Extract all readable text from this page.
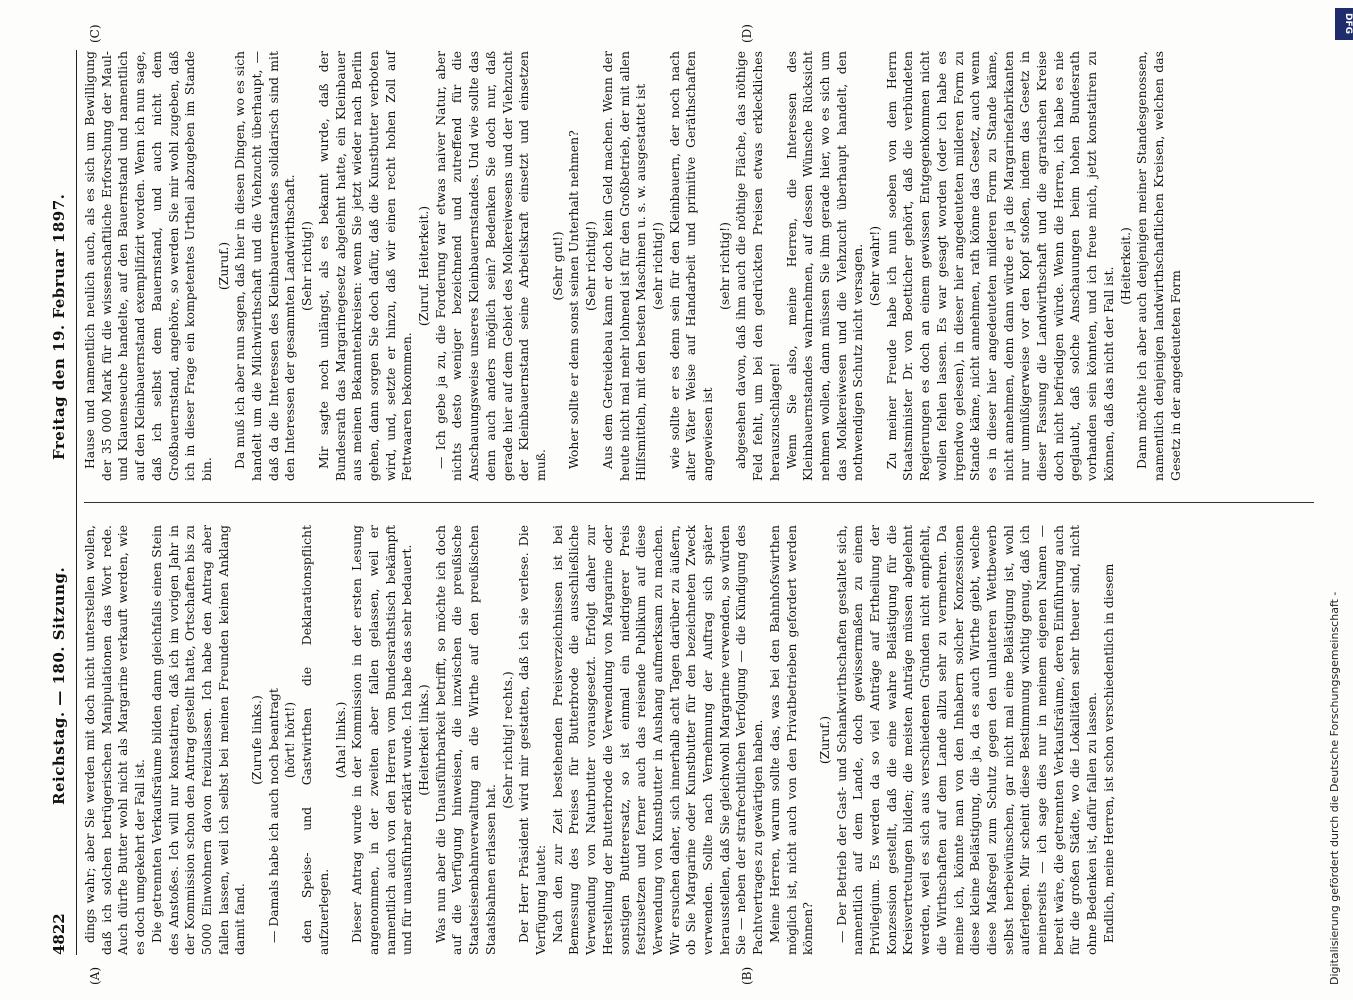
4822
Reichstag. — 180. Sitzung.
Freitag den 19. Februar 1897.
(A)	(B)
(C)	(D)

dings wahr; aber Sie werden mit doch nicht unterstellen wollen, daß ich solchen betrügerischen Manipulationen das Wort rede. Auch dürfte Butter wohl nicht als Margarine verkauft werden, wie es doch umgekehrt der Fall ist. Die getrennten Verkaufsräume bilden dann gleichfalls einen Stein des Anstoßes. Ich will nur konstatiren, daß ich im vorigen Jahr in der Kommission schon den Antrag gestellt hatte, Ortschaften bis zu 5000 Einwohnern davon freizulassen. Ich habe den Antrag aber fallen lassen, weil ich selbst bei meinen Freunden keinen Anklang damit fand.

(Zurufe links.) — Damals habe ich auch noch beantragt (hört! hört!) den Speise- und Gastwirthen die Deklarationspflicht aufzuerlegen.

(Aha! links.) Dieser Antrag wurde in der Kommission in der ersten Lesung angenommen, in der zweiten aber fallen gelassen, weil er namentlich auch von den Herren vom Bundesrathstisch bekämpft und für unausführbar erklärt wurde. Ich habe das sehr bedauert. (Heiterkeit links.) Was nun aber die Unausführbarkeit betrifft, so möchte ich doch auf die Verfügung hinweisen, die inzwischen die preußische Staatseisenbahnverwaltung an die Wirthe auf den preußischen Staatsbahnen erlassen hat.

(Sehr richtig! rechts.) Der Herr Präsident wird mir gestatten, daß ich sie verlese. Die Verfügung lautet: Nach den zur Zeit bestehenden Preisverzeichnissen ist bei Bemessung des Preises für Butterbrode die ausschließliche Verwendung von Naturbutter vorausgesetzt. Erfolgt daher zur Herstellung der Butterbrode die Verwendung von Margarine oder sonstigen Butterersatz, so ist einmal ein niedrigerer Preis festzusetzen und ferner auch das reisende Publikum auf diese Verwendung von Kunstbutter in Aushang aufmerksam zu machen. Wir ersuchen daher, sich innerhalb acht Tagen darüber zu äußern, ob Sie Margarine oder Kunstbutter für den bezeichneten Zweck verwenden. Sollte nach Vernehmung der Auftrag sich später herausstellen, daß Sie gleichwohl Margarine verwenden, so würden Sie — neben der strafrechtlichen Verfolgung — die Kündigung des Pachtvertrages zu gewärtigen haben. Meine Herren, warum sollte das, was bei den Bahnhofswirthen möglich ist, nicht auch von den Privatbetrieben gefordert werden können?

(Zuruf.) — Der Betrieb der Gast- und Schankwirthschaften gestaltet sich, namentlich auf dem Lande, doch gewissermaßen zu einem Privilegium. Es werden da so viel Anträge auf Ertheilung der Konzession gestellt, daß die eine wahre Belästigung für die Kreisvertretungen bilden; die meisten Anträge müssen abgelehnt werden, weil es sich aus verschiedenen Gründen nicht empfiehlt, die Wirthschaften auf dem Lande allzu sehr zu vermehren. Da meine ich, könnte man von den Inhabern solcher Konzessionen diese kleine Belästigung, die ja, da es auch Wirthe giebt, welche diese Maßregel zum Schutz gegen den unlauteren Wettbewerb selbst herbeiwünschen, gar nicht mal eine Belästigung ist, wohl auferlegen. Mir scheint diese Bestimmung wichtig genug, daß ich meinerseits — ich sage dies nur in meinem eigenen Namen — bereit wäre, die getrennten Verkaufsräume, deren Einführung auch für die großen Städte, wo die Lokalitäten sehr theuer sind, nicht ohne Bedenken ist, dafür fallen zu lassen. Endlich, meine Herren, ist schon verschiedentlich in diesem

Hause und namentlich neulich auch, als es sich um Bewilligung der 35 000 Mark für die wissenschaftliche Erforschung der Maul- und Klauenseuche handelte, auf den Bauernstand und namentlich auf den Kleinbauernstand exemplifizirt worden. Wenn ich nun sage, daß ich selbst dem Bauernstand, und auch nicht dem Großbauernstand, angehöre, so werden Sie mir wohl zugeben, daß ich in dieser Frage ein kompetentes Urtheil abzugeben im Stande bin.

(Zuruf.) Da muß ich aber nun sagen, daß hier in diesen Dingen, wo es sich handelt um die Milchwirthschaft und die Viehzucht überhaupt, — daß da die Interessen des Kleinbauernstandes solidarisch sind mit den Interessen der gesammten Landwirthschaft. (Sehr richtig!) Mir sagte noch unlängst, als es bekannt wurde, daß der Bundesrath das Margarinegesetz abgelehnt hatte, ein Kleinbauer aus meinen Bekanntenkreisen: wenn Sie jetzt wieder nach Berlin gehen, dann sorgen Sie doch dafür, daß die Kunstbutter verboten wird, und, setzte er hinzu, daß wir einen recht hohen Zoll auf Fettwaaren bekommen.

(Zuruf. Heiterkeit.) — Ich gebe ja zu, die Forderung war etwas naiver Natur, aber nichts desto weniger bezeichnend und zutreffend für die Anschauungsweise unseres Kleinbauernstandes. Und wie sollte das denn auch anders möglich sein? Bedenken Sie doch nur, daß gerade hier auf dem Gebiet des Molkereiwesens und der Viehzucht der Kleinbauernstand seine Arbeitskraft einsetzt und einsetzen muß.

(Sehr gut!) Woher sollte er denn sonst seinen Unterhalt nehmen? (Sehr richtig!) Aus dem Getreidebau kann er doch kein Geld machen. Wenn der heute nicht mal mehr lohnend ist für den Großbetrieb, der mit allen Hilfsmitteln, mit den besten Maschinen u. s. w. ausgestattet ist (sehr richtig!) wie sollte er es denn sein für den Kleinbauern, der noch nach alter Väter Weise auf Handarbeit und primitive Geräthschaften angewiesen ist

(sehr richtig!) abgesehen davon, daß ihm auch die nöthige Fläche, das nöthige Feld fehlt, um bei den gedrückten Preisen etwas erkleckliches herauszuschlagen! Wenn Sie also, meine Herren, die Interessen des Kleinbauernstandes wahrnehmen, auf dessen Wünsche Rücksicht nehmen wollen, dann müssen Sie ihm gerade hier, wo es sich um das Molkereiwesen und die Viehzucht überhaupt handelt, den nothwendigen Schutz nicht versagen. (Sehr wahr!) Zu meiner Freude habe ich nun soeben von dem Herrn Staatsminister Dr. von Boetticher gehört, daß die verbündeten Regierungen es doch an einem gewissen Entgegenkommen nicht wollen fehlen lassen. Es war gesagt worden (oder ich habe es irgendwo gelesen), in dieser hier angedeuteten milderen Form zu Stande käme, nicht annehmen, rath könne das Gesetz, auch wenn es in dieser hier angedeuteten milderen Form zu Stande käme, nicht annehmen, denn dann würde er ja die Margarinefabrikanten nur unmüßigerweise vor den Kopf stoßen, indem das Gesetz in dieser Fassung die Landwirthschaft und die agrarischen Kreise doch nicht befriedigen würde. Wenn die Herren, ich habe es nie geglaubt, daß solche Anschauungen beim hohen Bundesrath vorhanden sein könnten, und ich freue mich, jetzt konstatiren zu können, daß das nicht der Fall ist.

(Heiterkeit.) Dann möchte ich aber auch denjenigen meiner Standesgenossen, namentlich denjenigen landwirthschaftlichen Kreisen, welchen das Gesetz in der angedeuteten Form

DFG
Digitalisierung gefördert durch die Deutsche Forschungsgemeinschaft -
